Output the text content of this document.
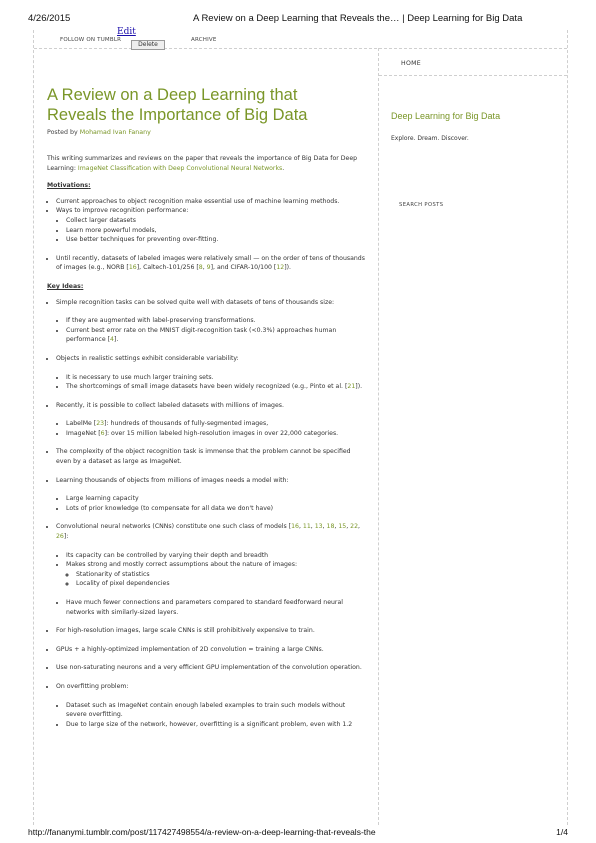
4/26/2015	A Review on a Deep Learning that Reveals the… | Deep Learning for Big Data
FOLLOW ON TUMBLR
Edit
Delete
ARCHIVE
A Review on a Deep Learning that Reveals the Importance of Big Data
Posted by Mohamad Ivan Fanany

This writing summarizes and reviews on the paper that reveals the importance of Big Data for Deep Learning: ImageNet Classification with Deep Convolutional Neural Networks.

Motivations:
• Current approaches to object recognition make essential use of machine learning methods.
• Ways to improve recognition performance:
• Collect larger datasets
• Learn more powerful models,
• Use better techniques for preventing over-fitting.
• Until recently, datasets of labeled images were relatively small — on the order of tens of thousands of images (e.g., NORB [16], Caltech-101/256 [8, 9], and CIFAR-10/100 [12]).
Key Ideas:
• Simple recognition tasks can be solved quite well with datasets of tens of thousands size:
• If they are augmented with label-preserving transformations.
• Current best error rate on the MNIST digit-recognition task (<0.3%) approaches human performance [4].
• Objects in realistic settings exhibit considerable variability:
• It is necessary to use much larger training sets.
• The shortcomings of small image datasets have been widely recognized (e.g., Pinto et al. [21]).
• Recently, it is possible to collect labeled datasets with millions of images.
• LabelMe [23]: hundreds of thousands of fully-segmented images,
• ImageNet [6]: over 15 million labeled high-resolution images in over 22,000 categories.
• The complexity of the object recognition task is immense that the problem cannot be specified even by a dataset as large as ImageNet.
• Learning thousands of objects from millions of images needs a model with:
• Large learning capacity
• Lots of prior knowledge (to compensate for all data we don't have)
• Convolutional neural networks (CNNs) constitute one such class of models [16, 11, 13, 18, 15, 22, 26]:
• Its capacity can be controlled by varying their depth and breadth
• Makes strong and mostly correct assumptions about the nature of images:
◦ Stationarity of statistics
◦ Locality of pixel dependencies
• Have much fewer connections and parameters compared to standard feedforward neural networks with similarly-sized layers.
• For high-resolution images, large scale CNNs is still prohibitively expensive to train.
• GPUs + a highly-optimized implementation of 2D convolution = training a large CNNs.
• Use non-saturating neurons and a very efficient GPU implementation of the convolution operation.
• On overfitting problem:
• Dataset such as ImageNet contain enough labeled examples to train such models without severe overfitting.
• Due to large size of the network, however, overfitting is a significant problem, even with 1.2
HOME
Deep Learning for Big Data
Explore. Dream. Discover.
SEARCH POSTS
http://fananymi.tumblr.com/post/117427498554/a-review-on-a-deep-learning-that-reveals-the	1/4
